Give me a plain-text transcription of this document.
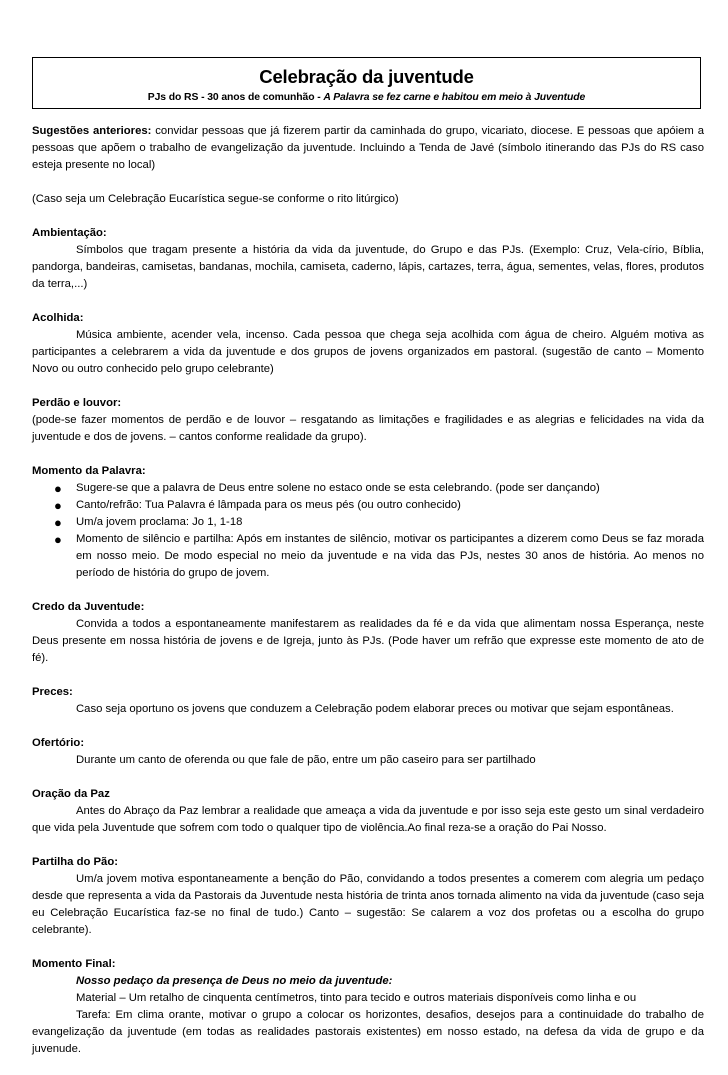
Celebração da juventude
PJs do RS - 30 anos de comunhão - A Palavra se fez carne e habitou em meio à Juventude

Sugestões anteriores: convidar pessoas que já fizerem partir da caminhada do grupo, vicariato, diocese. E pessoas que apóiem a pessoas que apõem o trabalho de evangelização da juventude. Incluindo a Tenda de Javé (símbolo itinerando das PJs do RS caso esteja presente no local)

(Caso seja um Celebração Eucarística segue-se conforme o rito litúrgico)

Ambientação:

Símbolos que tragam presente a história da vida da juventude, do Grupo e das PJs. (Exemplo: Cruz, Vela-círio, Bíblia, pandorga, bandeiras, camisetas, bandanas, mochila, camiseta, caderno, lápis, cartazes, terra, água, sementes, velas, flores, produtos da terra,...)

Acolhida:

Música ambiente, acender vela, incenso. Cada pessoa que chega seja acolhida com água de cheiro. Alguém motiva as participantes a celebrarem a vida da juventude e dos grupos de jovens organizados em pastoral. (sugestão de canto – Momento Novo ou outro conhecido pelo grupo celebrante)

Perdão e louvor:

(pode-se fazer momentos de perdão e de louvor – resgatando as limitações e fragilidades e as alegrias e felicidades na vida da juventude e dos de jovens. – cantos conforme realidade da grupo).

Momento da Palavra:

● Sugere-se que a palavra de Deus entre solene no estaco onde se esta celebrando. (pode ser dançando)
● Canto/refrão: Tua Palavra é lâmpada para os meus pés (ou outro conhecido)
● Um/a jovem proclama: Jo 1, 1-18
● Momento de silêncio e partilha: Após em instantes de silêncio, motivar os participantes a dizerem como Deus se faz morada em nosso meio. De modo especial no meio da juventude e na vida das PJs, nestes 30 anos de história. Ao menos no período de história do grupo de jovem.

Credo da Juventude:

Convida a todos a espontaneamente manifestarem as realidades da fé e da vida que alimentam nossa Esperança, neste Deus presente em nossa história de jovens e de Igreja, junto às PJs. (Pode haver um refrão que expresse este momento de ato de fé).

Preces:

Caso seja oportuno os jovens que conduzem a Celebração podem elaborar preces ou motivar que sejam espontâneas.

Ofertório:

Durante um canto de oferenda ou que fale de pão, entre um pão caseiro para ser partilhado

Oração da Paz

Antes do Abraço da Paz lembrar a realidade que ameaça a vida da juventude e por isso seja este gesto um sinal verdadeiro que vida pela Juventude que sofrem com todo o qualquer tipo de violência.Ao final reza-se a oração do Pai Nosso.

Partilha do Pão:

Um/a jovem motiva espontaneamente a benção do Pão, convidando a todos presentes a comerem com alegria um pedaço desde que representa a vida da Pastorais da Juventude nesta história de trinta anos tornada alimento na vida da juventude (caso seja eu Celebração Eucarística faz-se no final de tudo.) Canto – sugestão: Se calarem a voz dos profetas ou a escolha do grupo celebrante).

Momento Final:

Nosso pedaço da presença de Deus no meio da juventude:

Material – Um retalho de cinquenta centímetros, tinto para tecido e outros materiais disponíveis como linha e ou

Tarefa: Em clima orante, motivar o grupo a colocar os horizontes, desafios, desejos para a continuidade do trabalho de evangelização da juventude (em todas as realidades pastorais existentes) em nosso estado, na defesa da vida de grupo e da juvenude.
